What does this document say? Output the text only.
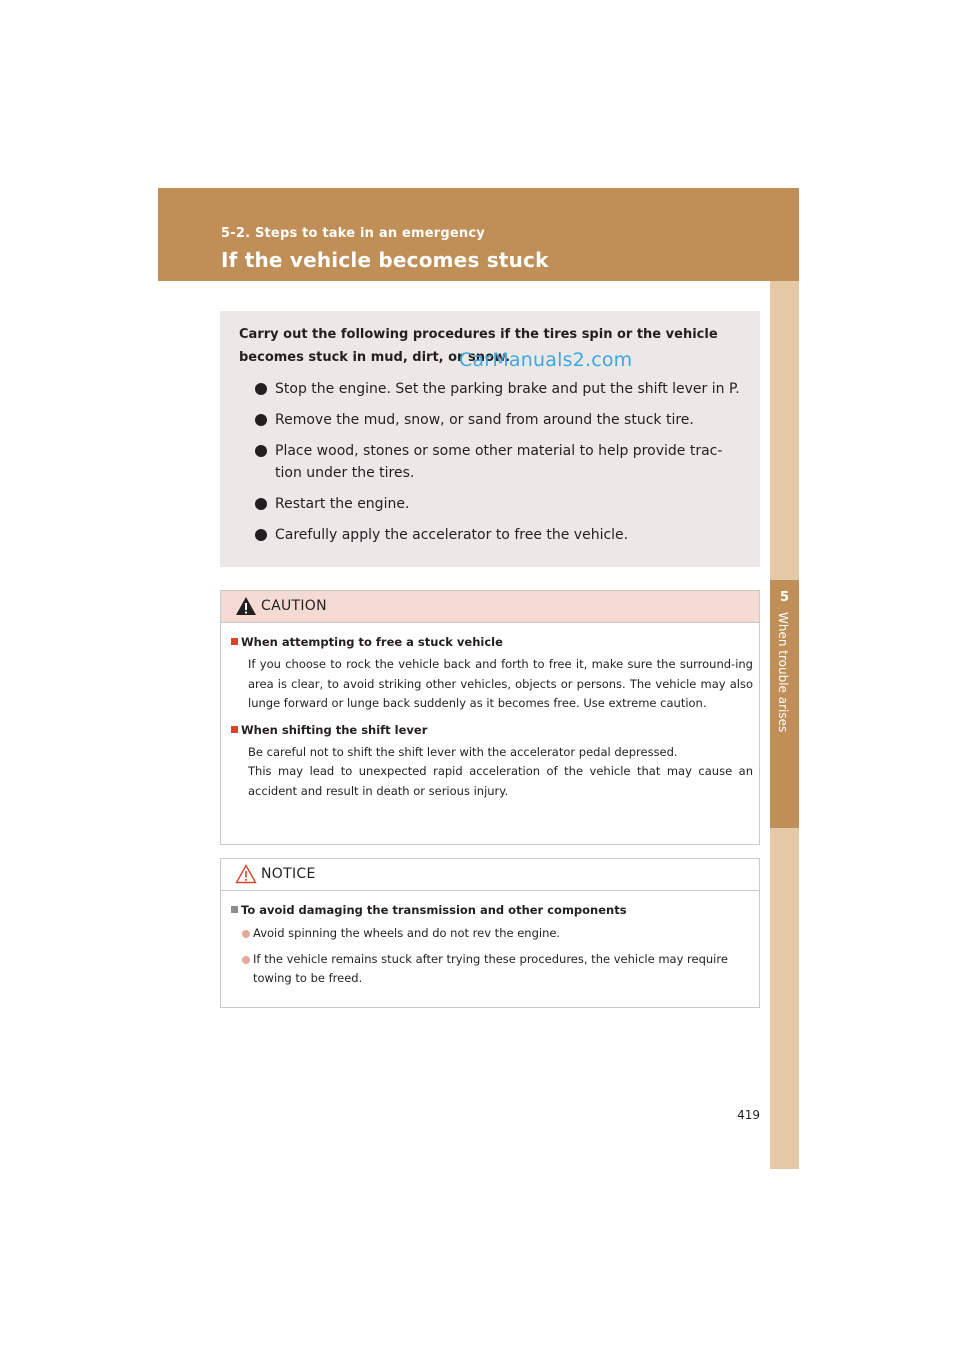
5-2. Steps to take in an emergency
If the vehicle becomes stuck
5
When trouble arises

Carry out the following procedures if the tires spin or the vehicle becomes stuck in mud, dirt, or snow.

Stop the engine. Set the parking brake and put the shift lever in P.
Remove the mud, snow, or sand from around the stuck tire.
Place wood, stones or some other material to help provide trac-tion under the tires.
Restart the engine.
Carefully apply the accelerator to free the vehicle.
CarManuals2.com
CAUTION

When attempting to free a stuck vehicle

If you choose to rock the vehicle back and forth to free it, make sure the surround-ing area is clear, to avoid striking other vehicles, objects or persons. The vehicle may also lunge forward or lunge back suddenly as it becomes free. Use extreme caution.

When shifting the shift lever

Be careful not to shift the shift lever with the accelerator pedal depressed.
This may lead to unexpected rapid acceleration of the vehicle that may cause an accident and result in death or serious injury.

NOTICE

To avoid damaging the transmission and other components

Avoid spinning the wheels and do not rev the engine.
If the vehicle remains stuck after trying these procedures, the vehicle may require towing to be freed.
419
